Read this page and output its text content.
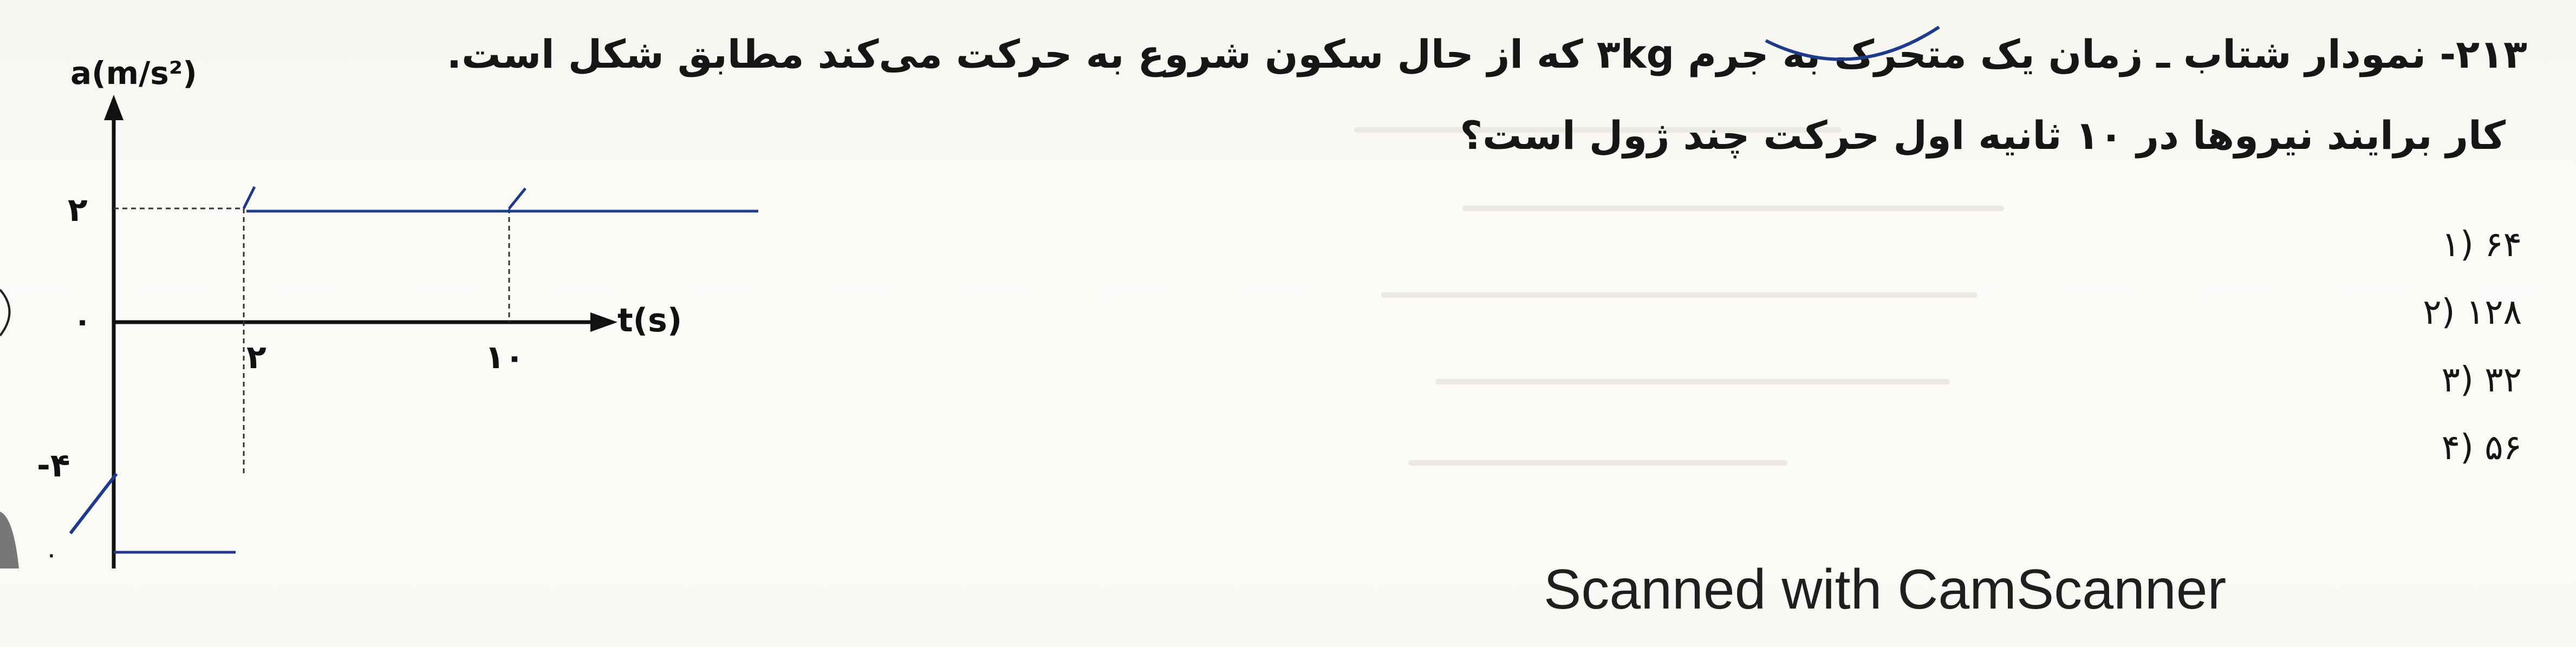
a(m/s²)
t(s)
۲
۰
-۴
۲	۱۰
۰
۲۱۳- نمودار شتاب ـ زمان یک متحرک به جرم ۳kg که از حال سکون شروع به حرکت می‌کند مطابق شکل است.
کار برایند نیروها در ۱۰ ثانیه اول حرکت چند ژول است؟
۶۴ (۱
۱۲۸ (۲
۳۲ (۳
۵۶ (۴
Scanned with CamScanner
